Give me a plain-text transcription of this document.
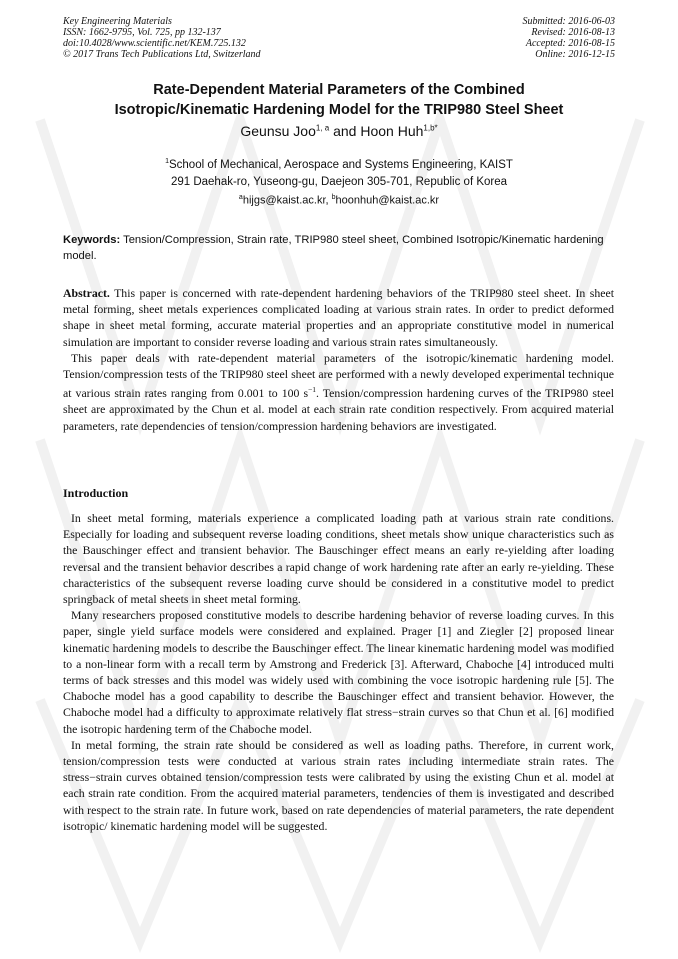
Key Engineering Materials
ISSN: 1662-9795, Vol. 725, pp 132-137
doi:10.4028/www.scientific.net/KEM.725.132
© 2017 Trans Tech Publications Ltd, Switzerland
Submitted: 2016-06-03
Revised: 2016-08-13
Accepted: 2016-08-15
Online: 2016-12-15
Rate-Dependent Material Parameters of the Combined
Isotropic/Kinematic Hardening Model for the TRIP980 Steel Sheet
Geunsu Joo$^{1, a}$ and Hoon Huh$^{1,b*}$
$^1$School of Mechanical, Aerospace and Systems Engineering, KAIST
291 Daehak-ro, Yuseong-gu, Daejeon 305-701, Republic of Korea
$^a$hijgs@kaist.ac.kr, $^b$hoonhuh@kaist.ac.kr
Keywords: Tension/Compression, Strain rate, TRIP980 steel sheet, Combined Isotropic/Kinematic hardening model.

Abstract. This paper is concerned with rate-dependent hardening behaviors of the TRIP980 steel sheet. In sheet metal forming, sheet metals experiences complicated loading at various strain rates. In order to predict deformed shape in sheet metal forming, accurate material properties and an appropriate constitutive model in numerical simulation are important to consider reverse loading and various strain rates simultaneously.

This paper deals with rate-dependent material parameters of the isotropic/kinematic hardening model. Tension/compression tests of the TRIP980 steel sheet are performed with a newly developed experimental technique at various strain rates ranging from 0.001 to 100 $s^{-1}$. Tension/compression hardening curves of the TRIP980 steel sheet are approximated by the Chun et al. model at each strain rate condition respectively. From acquired material parameters, rate dependencies of tension/compression hardening behaviors are investigated.

Introduction

In sheet metal forming, materials experience a complicated loading path at various strain rate conditions. Especially for loading and subsequent reverse loading conditions, sheet metals show unique characteristics such as the Bauschinger effect and transient behavior. The Bauschinger effect means an early re-yielding after loading reversal and the transient behavior describes a rapid change of work hardening rate after an early re-yielding. These characteristics of the subsequent reverse loading curve should be considered in a constitutive model to predict springback of metal sheets in sheet metal forming.

Many researchers proposed constitutive models to describe hardening behavior of reverse loading curves. In this paper, single yield surface models were considered and explained. Prager [1] and Ziegler [2] proposed linear kinematic hardening models to describe the Bauschinger effect. The linear kinematic hardening model was modified to a non-linear form with a recall term by Amstrong and Frederick [3]. Afterward, Chaboche [4] introduced multi terms of back stresses and this model was widely used with combining the voce isotropic hardening rule [5]. The Chaboche model has a good capability to describe the Bauschinger effect and transient behavior. However, the Chaboche model had a difficulty to approximate relatively flat stress−strain curves so that Chun et al. [6] modified the isotropic hardening term of the Chaboche model.

In metal forming, the strain rate should be considered as well as loading paths. Therefore, in current work, tension/compression tests were conducted at various strain rates including intermediate strain rates. The stress−strain curves obtained tension/compression tests were calibrated by using the existing Chun et al. model at each strain rate condition. From the acquired material parameters, tendencies of them is investigated and described with respect to the strain rate. In future work, based on rate dependencies of material parameters, the rate dependent isotropic/ kinematic hardening model will be suggested.
